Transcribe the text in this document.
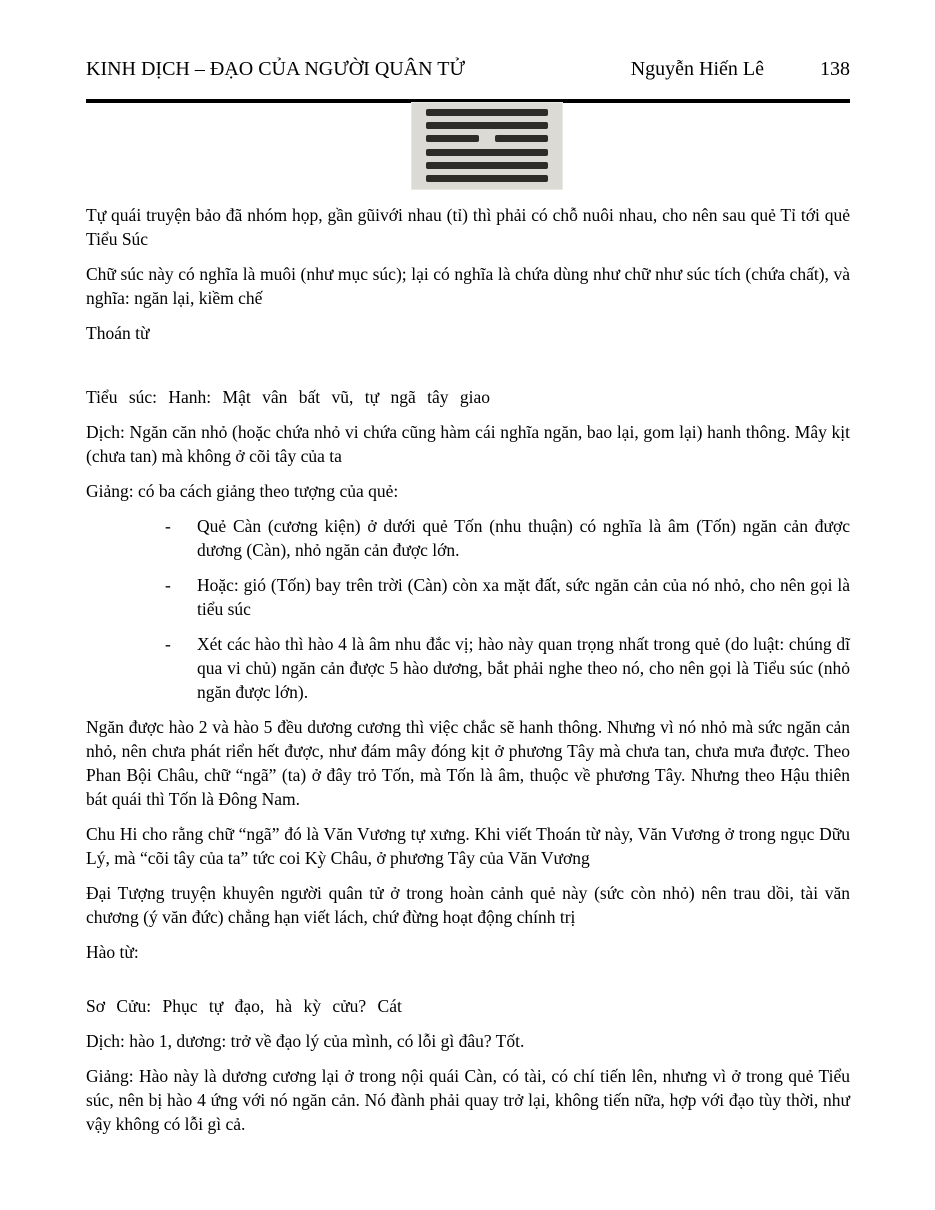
KINH DỊCH – ĐẠO CỦA NGƯỜI QUÂN TỬ	Nguyễn Hiến Lê	138

Tự quái truyện bảo đã nhóm họp, gần gũivới nhau (tỉ) thì phải có chỗ nuôi nhau, cho nên sau quẻ Tỉ tới quẻ Tiểu Súc

Chữ súc này có nghĩa là muôi (như mục súc); lại có nghĩa là chứa dùng như chữ như súc tích (chứa chất), và nghĩa: ngăn lại, kiềm chế

Thoán từ

Tiểu súc: Hanh: Mật vân bất vũ, tự ngã tây giao

Dịch: Ngăn căn nhỏ (hoặc chứa nhỏ vi chứa cũng hàm cái nghĩa ngăn, bao lại, gom lại) hanh thông. Mây kịt (chưa tan) mà không ở cõi tây của ta

Giảng: có ba cách giảng theo tượng của quẻ:

-	Quẻ Càn (cương kiện) ở dưới quẻ Tốn (nhu thuận) có nghĩa là âm (Tốn) ngăn cản được dương (Càn), nhỏ ngăn cản được lớn.
-	Hoặc: gió (Tốn) bay trên trời (Càn) còn xa mặt đất, sức ngăn cản của nó nhỏ, cho nên gọi là tiểu súc
-	Xét các hào thì hào 4 là âm nhu đắc vị; hào này quan trọng nhất trong quẻ (do luật: chúng dĩ qua vi chủ) ngăn cản được 5 hào dương, bắt phải nghe theo nó, cho nên gọi là Tiểu súc (nhỏ ngăn được lớn).

Ngăn được hào 2 và hào 5 đều dương cương thì việc chắc sẽ hanh thông. Nhưng vì nó nhỏ mà sức ngăn cản nhỏ, nên chưa phát riển hết được, như đám mây đóng kịt ở phương Tây mà chưa tan, chưa mưa được. Theo Phan Bội Châu, chữ “ngã” (ta) ở đây trỏ Tốn, mà Tốn là âm, thuộc về phương Tây. Nhưng theo Hậu thiên bát quái thì Tốn là Đông Nam.

Chu Hi cho rằng chữ “ngã” đó là Văn Vương tự xưng. Khi viết Thoán từ này, Văn Vương ở trong ngục Dữu Lý, mà “cõi tây của ta” tức coi Kỳ Châu, ở phương Tây của Văn Vương

Đại Tượng truyện khuyên người quân tử ở trong hoàn cảnh quẻ này (sức còn nhỏ) nên trau dồi, tài văn chương (ý văn đức) chẳng hạn viết lách, chứ đừng hoạt động chính trị

Hào từ:

Sơ Cửu: Phục tự đạo, hà kỳ cửu? Cát

Dịch: hào 1, dương: trở về đạo lý của mình, có lỗi gì đâu? Tốt.

Giảng: Hào này là dương cương lại ở trong nội quái Càn, có tài, có chí tiến lên, nhưng vì ở trong quẻ Tiểu súc, nên bị hào 4 ứng với nó ngăn cản. Nó đành phải quay trở lại, không tiến nữa, hợp với đạo tùy thời, như vậy không có lỗi gì cả.
